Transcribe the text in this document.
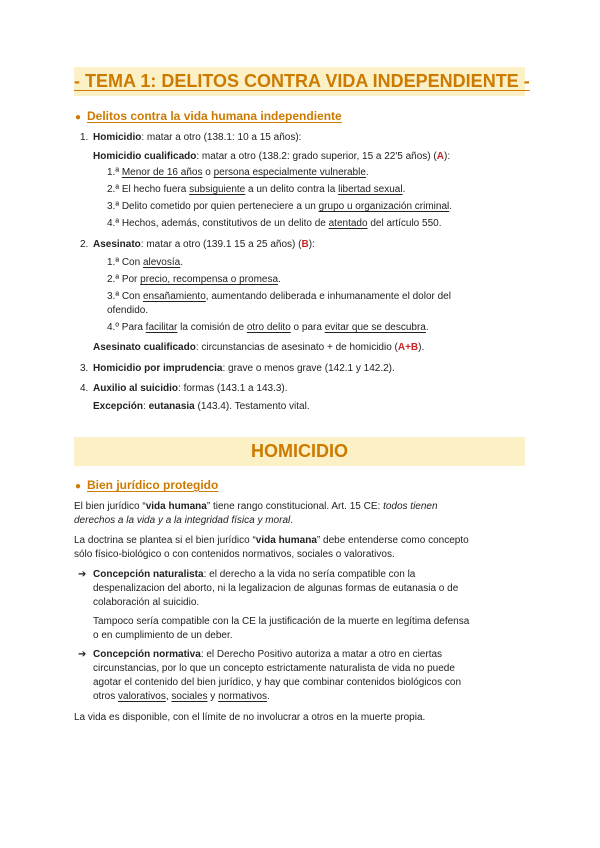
- TEMA 1: DELITOS CONTRA VIDA INDEPENDIENTE -
● Delitos contra la vida humana independiente
1. Homicidio: matar a otro (138.1: 10 a 15 años):
Homicidio cualificado: matar a otro (138.2: grado superior, 15 a 22'5 años) (A):
1.ª Menor de 16 años o persona especialmente vulnerable.
2.ª El hecho fuera subsiguiente a un delito contra la libertad sexual.
3.ª Delito cometido por quien perteneciere a un grupo u organización criminal.
4.ª Hechos, además, constitutivos de un delito de atentado del artículo 550.
2. Asesinato: matar a otro (139.1 15 a 25 años) (B):
1.ª Con alevosía.
2.ª Por precio, recompensa o promesa.
3.ª Con ensañamiento, aumentando deliberada e inhumanamente el dolor del
ofendido.
4.º Para facilitar la comisión de otro delito o para evitar que se descubra.
Asesinato cualificado: circunstancias de asesinato + de homicidio (A+B).
3. Homicidio por imprudencia: grave o menos grave (142.1 y 142.2).
4. Auxilio al suicidio: formas (143.1 a 143.3).
Excepción: eutanasia (143.4). Testamento vital.
HOMICIDIO
● Bien jurídico protegido
El bien jurídico “vida humana” tiene rango constitucional. Art. 15 CE: todos tienen
derechos a la vida y a la integridad física y moral.
La doctrina se plantea si el bien jurídico “vida humana” debe entenderse como concepto
sólo físico-biológico o con contenidos normativos, sociales o valorativos.
➔ Concepción naturalista: el derecho a la vida no sería compatible con la
despenalizacion del aborto, ni la legalizacion de algunas formas de eutanasia o de
colaboración al suicidio.
Tampoco sería compatible con la CE la justificación de la muerte en legítima defensa
o en cumplimiento de un deber.
➔ Concepción normativa: el Derecho Positivo autoriza a matar a otro en ciertas
circunstancias, por lo que un concepto estrictamente naturalista de vida no puede
agotar el contenido del bien jurídico, y hay que combinar contenidos biológicos con
otros valorativos, sociales y normativos.
La vida es disponible, con el límite de no involucrar a otros en la muerte propia.
